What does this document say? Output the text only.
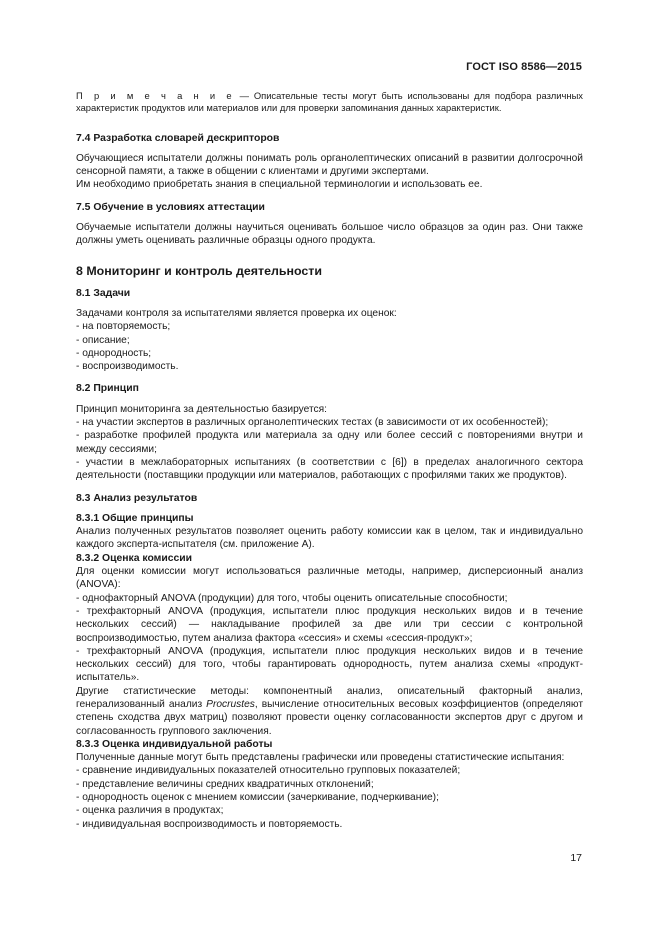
ГОСТ ISO 8586—2015

П р и м е ч а н и е — Описательные тесты могут быть использованы для подбора различных характеристик продуктов или материалов или для проверки запоминания данных характеристик.

7.4 Разработка словарей дескрипторов

Обучающиеся испытатели должны понимать роль органолептических описаний в развитии долгосрочной сенсорной памяти, а также в общении с клиентами и другими экспертами.

Им необходимо приобретать знания в специальной терминологии и использовать ее.

7.5 Обучение в условиях аттестации

Обучаемые испытатели должны научиться оценивать большое число образцов за один раз. Они также должны уметь оценивать различные образцы одного продукта.

8 Мониторинг и контроль деятельности
8.1 Задачи

Задачами контроля за испытателями является проверка их оценок:

- на повторяемость;

- описание;

- однородность;

- воспроизводимость.

8.2 Принцип

Принцип мониторинга за деятельностью базируется:

- на участии экспертов в различных органолептических тестах (в зависимости от их особенностей);

- разработке профилей продукта или материала за одну или более сессий с повторениями внутри и между сессиями;

- участии в межлабораторных испытаниях (в соответствии с [6]) в пределах аналогичного сектора деятельности (поставщики продукции или материалов, работающих с профилями таких же продуктов).

8.3 Анализ результатов
8.3.1 Общие принципы

Анализ полученных результатов позволяет оценить работу комиссии как в целом, так и индивидуально каждого эксперта-испытателя (см. приложение А).

8.3.2 Оценка комиссии

Для оценки комиссии могут использоваться различные методы, например, дисперсионный анализ (ANOVA):

- однофакторный ANOVA (продукции) для того, чтобы оценить описательные способности;

- трехфакторный ANOVA (продукция, испытатели плюс продукция нескольких видов и в течение нескольких сессий) — накладывание профилей за две или три сессии с контрольной воспроизводимостью, путем анализа фактора «сессия» и схемы «сессия-продукт»;

- трехфакторный ANOVA (продукция, испытатели плюс продукция нескольких видов и в течение нескольких сессий) для того, чтобы гарантировать однородность, путем анализа схемы «продукт-испытатель».

Другие статистические методы: компонентный анализ, описательный факторный анализ, генерализованный анализ Procrustes, вычисление относительных весовых коэффициентов (определяют степень сходства двух матриц) позволяют провести оценку согласованности экспертов друг с другом и согласованность группового заключения.

8.3.3 Оценка индивидуальной работы

Полученные данные могут быть представлены графически или проведены статистические испытания:

- сравнение индивидуальных показателей относительно групповых показателей;

- представление величины средних квадратичных отклонений;

- однородность оценок с мнением комиссии (зачеркивание, подчеркивание);

- оценка различия в продуктах;

- индивидуальная воспроизводимость и повторяемость.

17
